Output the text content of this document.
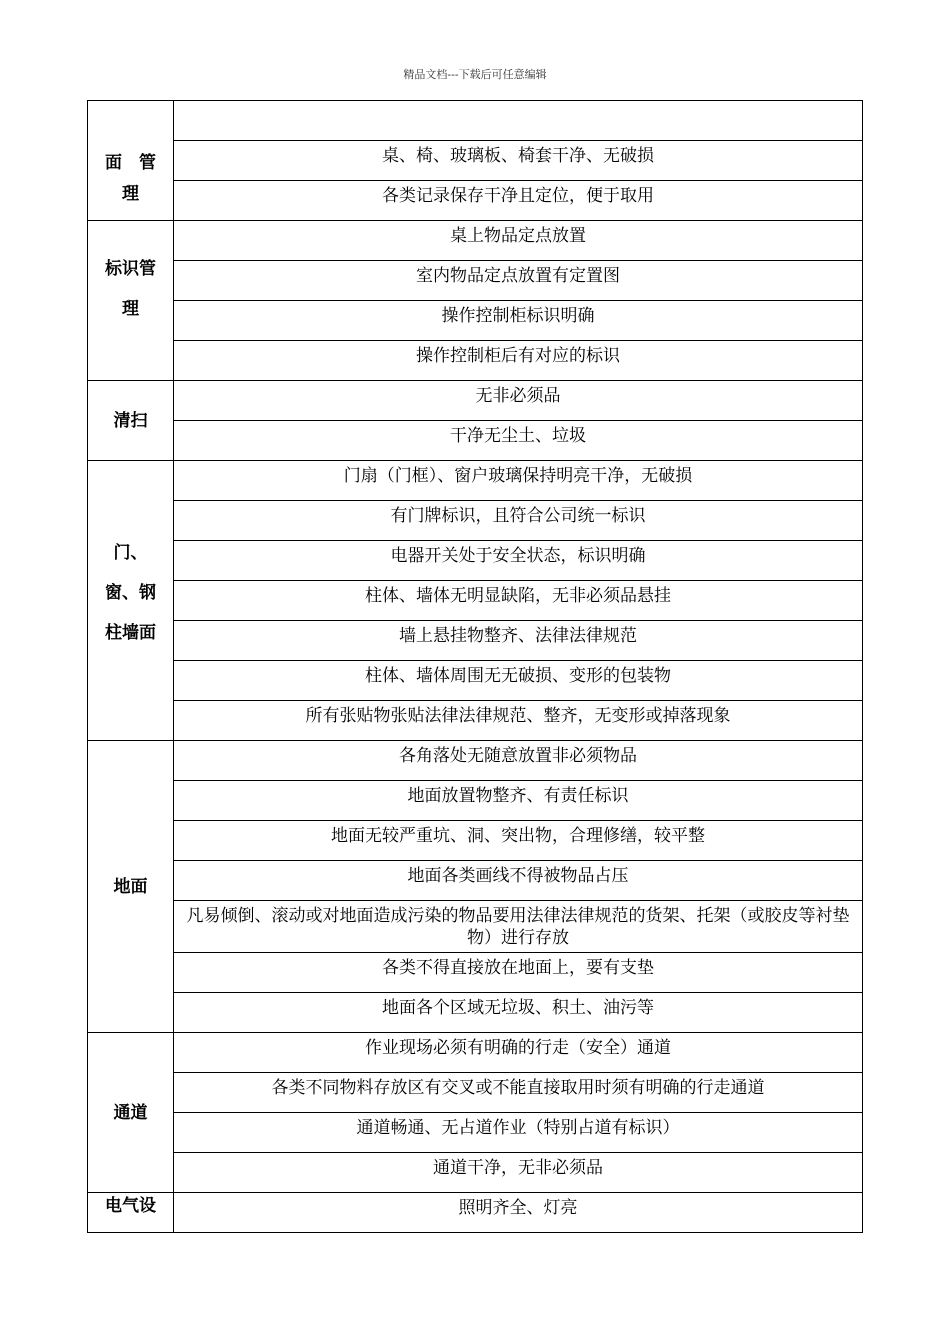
精品文档---下载后可任意编辑
面　管
理	

	桌、椅、玻璃板、椅套干净、无破损
	各类记录保存干净且定位，便于取用

标识管
理	桌上物品定点放置
	室内物品定点放置有定置图
	操作控制柜标识明确
	操作控制柜后有对应的标识

清扫	无非必须品
	干净无尘土、垃圾

门、
窗、钢
柱墙面	门扇（门框）、窗户玻璃保持明亮干净，无破损
	有门牌标识，且符合公司统一标识
	电器开关处于安全状态，标识明确
	柱体、墙体无明显缺陷，无非必须品悬挂
	墙上悬挂物整齐、法律法律规范
	柱体、墙体周围无无破损、变形的包装物
	所有张贴物张贴法律法律规范、整齐，无变形或掉落现象

地面	各角落处无随意放置非必须物品
	地面放置物整齐、有责任标识
	地面无较严重坑、洞、突出物，合理修缮，较平整
	地面各类画线不得被物品占压
	凡易倾倒、滚动或对地面造成污染的物品要用法律法律规范的货架、托架（或胶皮等衬垫物）进行存放
	各类不得直接放在地面上，要有支垫
	地面各个区域无垃圾、积土、油污等

通道	作业现场必须有明确的行走（安全）通道
	各类不同物料存放区有交叉或不能直接取用时须有明确的行走通道
	通道畅通、无占道作业（特别占道有标识）
	通道干净，无非必须品

电气设	照明齐全、灯亮
